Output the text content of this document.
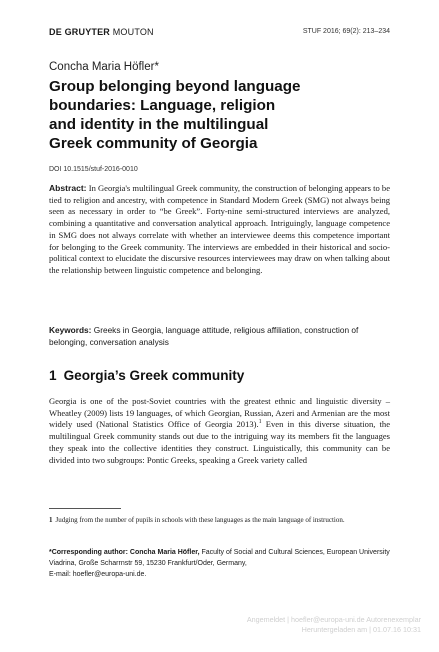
DE GRUYTER MOUTON	STUF 2016; 69(2): 213–234
Concha Maria Höfler*
Group belonging beyond language
boundaries: Language, religion
and identity in the multilingual
Greek community of Georgia
DOI 10.1515/stuf-2016-0010

Abstract: In Georgia's multilingual Greek community, the construction of belonging appears to be tied to religion and ancestry, with competence in Standard Modern Greek (SMG) not always being seen as necessary in order to “be Greek”. Forty-nine semi-structured interviews are analyzed, combining a quantitative and conversation analytical approach. Intriguingly, language competence in SMG does not always correlate with whether an interviewee deems this competence important for belonging to the Greek community. The interviews are embedded in their historical and socio-political context to elucidate the discursive resources interviewees may draw on when talking about the relationship between linguistic competence and belonging.

Keywords: Greeks in Georgia, language attitude, religious affiliation, construction of belonging, conversation analysis

1 Georgia’s Greek community

Georgia is one of the post-Soviet countries with the greatest ethnic and linguistic diversity – Wheatley (2009) lists 19 languages, of which Georgian, Russian, Azeri and Armenian are the most widely used (National Statistics Office of Georgia 2013).$^1$ Even in this diverse situation, the multilingual Greek community stands out due to the intriguing way its members fit the languages they speak into the collective identities they construct. Linguistically, this community can be divided into two subgroups: Pontic Greeks, speaking a Greek variety called

1 Judging from the number of pupils in schools with these languages as the main language of instruction.

*Corresponding author: Concha Maria Höfler, Faculty of Social and Cultural Sciences, European University Viadrina, Große Scharrnstr 59, 15230 Frankfurt/Oder, Germany,
E-mail: hoefler@europa-uni.de.

Angemeldet | hoefler@europa-uni.de Autorenexemplar
Heruntergeladen am | 01.07.16 10:31
